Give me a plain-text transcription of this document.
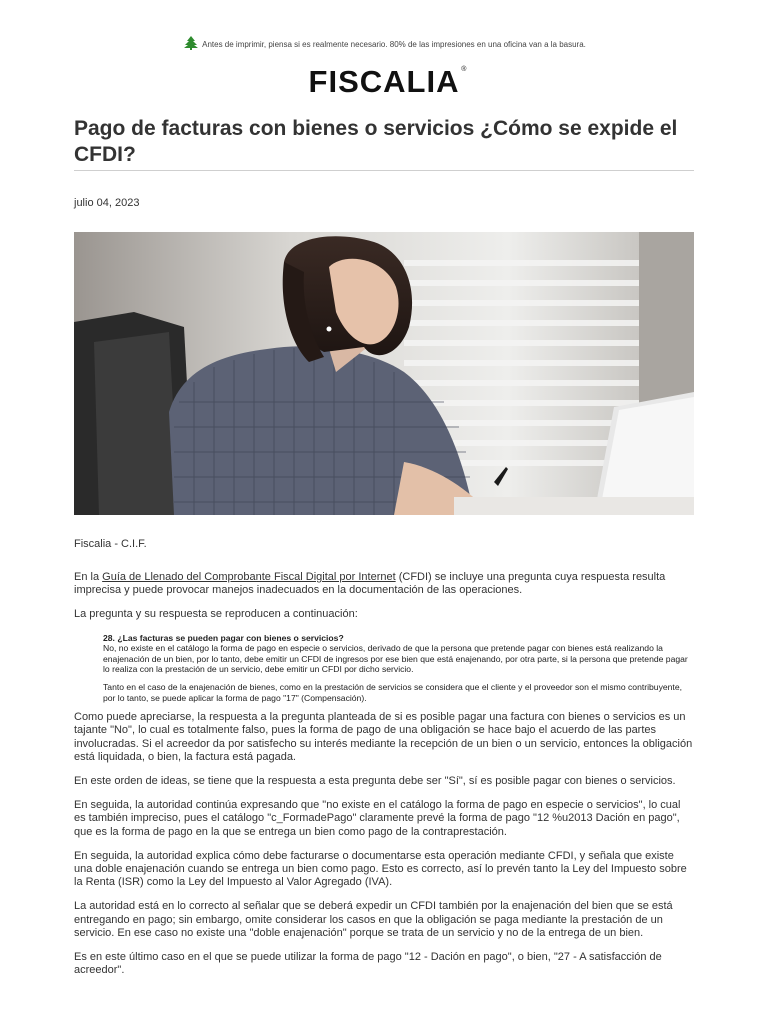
Antes de imprimir, piensa si es realmente necesario. 80% de las impresiones en una oficina van a la basura.
FISCALIA ®
Pago de facturas con bienes o servicios ¿Cómo se expide el CFDI?
julio 04, 2023
Fiscalia - C.I.F.

En la Guía de Llenado del Comprobante Fiscal Digital por Internet (CFDI) se incluye una pregunta cuya respuesta resulta imprecisa y puede provocar manejos inadecuados en la documentación de las operaciones.

La pregunta y su respuesta se reproducen a continuación:

28. ¿Las facturas se pueden pagar con bienes o servicios?

No, no existe en el catálogo la forma de pago en especie o servicios, derivado de que la persona que pretende pagar con bienes está realizando la enajenación de un bien, por lo tanto, debe emitir un CFDI de ingresos por ese bien que está enajenando, por otra parte, si la persona que pretende pagar lo realiza con la prestación de un servicio, debe emitir un CFDI por dicho servicio.

Tanto en el caso de la enajenación de bienes, como en la prestación de servicios se considera que el cliente y el proveedor son el mismo contribuyente, por lo tanto, se puede aplicar la forma de pago "17" (Compensación).

Como puede apreciarse, la respuesta a la pregunta planteada de si es posible pagar una factura con bienes o servicios es un tajante "No", lo cual es totalmente falso, pues la forma de pago de una obligación se hace bajo el acuerdo de las partes involucradas. Si el acreedor da por satisfecho su interés mediante la recepción de un bien o un servicio, entonces la obligación está liquidada, o bien, la factura está pagada.

En este orden de ideas, se tiene que la respuesta a esta pregunta debe ser "Sí", sí es posible pagar con bienes o servicios.

En seguida, la autoridad continúa expresando que "no existe en el catálogo la forma de pago en especie o servicios", lo cual es también impreciso, pues el catálogo "c_FormadePago" claramente prevé la forma de pago "12 %u2013 Dación en pago", que es la forma de pago en la que se entrega un bien como pago de la contraprestación.

En seguida, la autoridad explica cómo debe facturarse o documentarse esta operación mediante CFDI, y señala que existe una doble enajenación cuando se entrega un bien como pago. Esto es correcto, así lo prevén tanto la Ley del Impuesto sobre la Renta (ISR) como la Ley del Impuesto al Valor Agregado (IVA).

La autoridad está en lo correcto al señalar que se deberá expedir un CFDI también por la enajenación del bien que se está entregando en pago; sin embargo, omite considerar los casos en que la obligación se paga mediante la prestación de un servicio. En ese caso no existe una "doble enajenación" porque se trata de un servicio y no de la entrega de un bien.

Es en este último caso en el que se puede utilizar la forma de pago "12 - Dación en pago", o bien, "27 - A satisfacción de acreedor".
